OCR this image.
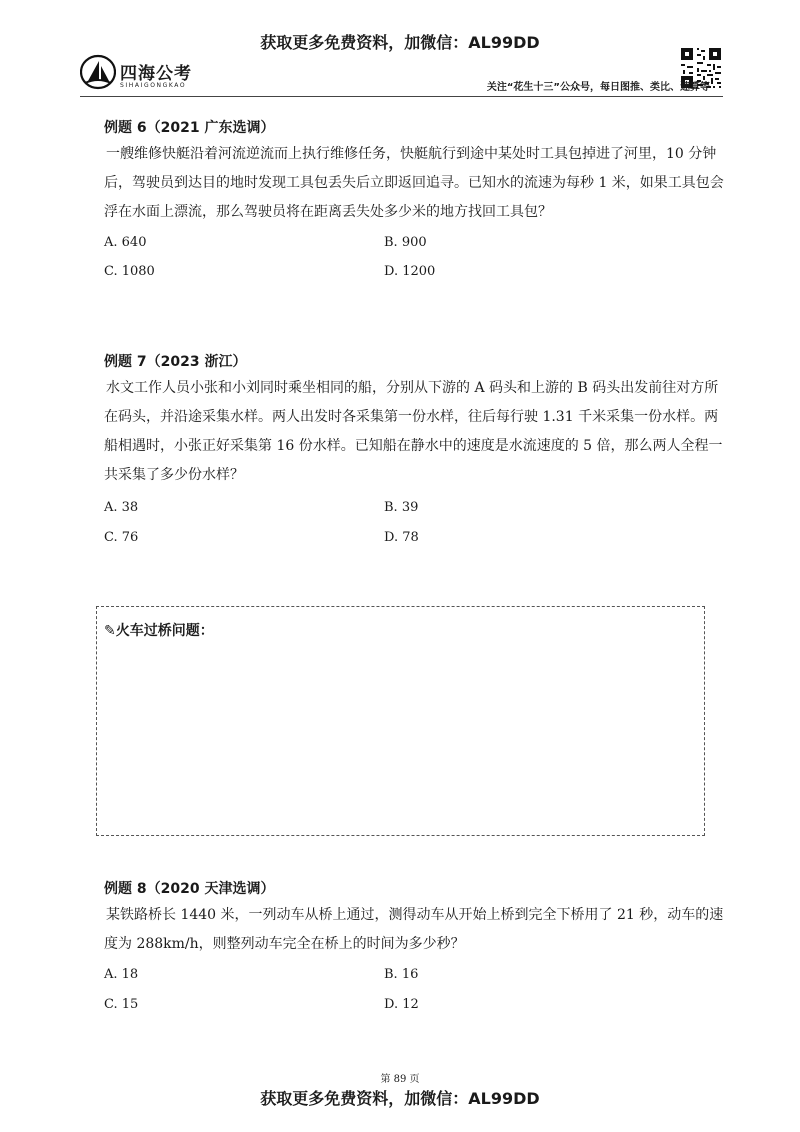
获取更多免费资料，加微信：AL99DD
四海公考
SIHAIGONGKAO	关注“花生十三”公众号，每日图推、类比、速算等
例题 6（2021 广东选调）
一艘维修快艇沿着河流逆流而上执行维修任务，快艇航行到途中某处时工具包掉进了河里，10 分钟后，驾驶员到达目的地时发现工具包丢失后立即返回追寻。已知水的流速为每秒 1 米，如果工具包会浮在水面上漂流，那么驾驶员将在距离丢失处多少米的地方找回工具包？
A. 640	B. 900
C. 1080	D. 1200
例题 7（2023 浙江）
水文工作人员小张和小刘同时乘坐相同的船，分别从下游的 A 码头和上游的 B 码头出发前往对方所在码头，并沿途采集水样。两人出发时各采集第一份水样，往后每行驶 1.31 千米采集一份水样。两船相遇时，小张正好采集第 16 份水样。已知船在静水中的速度是水流速度的 5 倍，那么两人全程一共采集了多少份水样？
A. 38	B. 39
C. 76	D. 78
✎火车过桥问题：
例题 8（2020 天津选调）
某铁路桥长 1440 米，一列动车从桥上通过，测得动车从开始上桥到完全下桥用了 21 秒，动车的速度为 288km/h，则整列动车完全在桥上的时间为多少秒？
A. 18	B. 16
C. 15	D. 12
第 89 页
获取更多免费资料，加微信：AL99DD
